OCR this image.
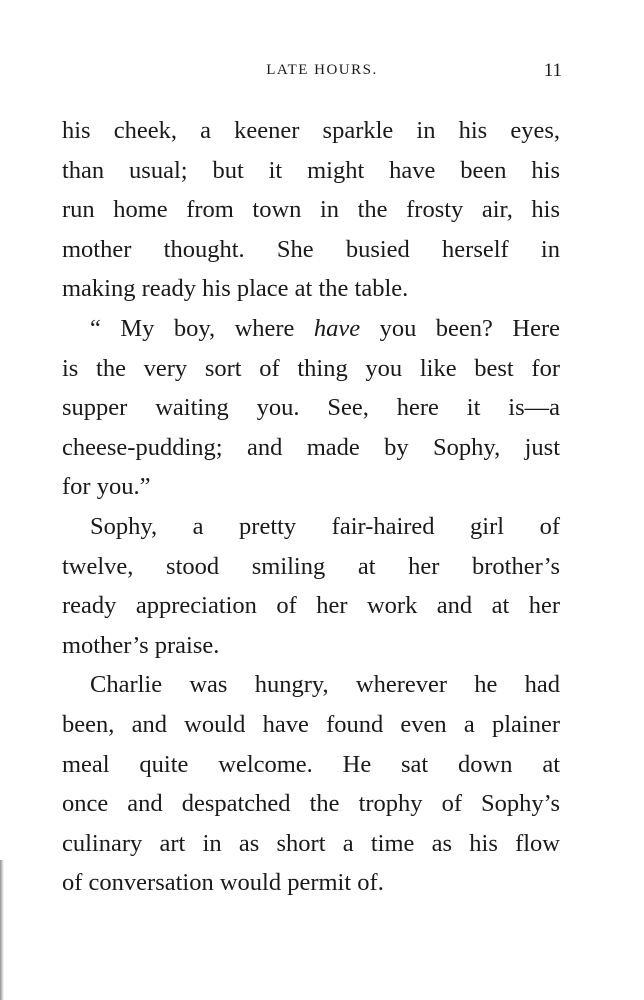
LATE HOURS.	11
his cheek, a keener sparkle in his eyes,
than usual; but it might have been his
run home from town in the frosty air, his
mother thought. She busied herself in
making ready his place at the table.
“ My boy, where have you been? Here
is the very sort of thing you like best for
supper waiting you. See, here it is—a
cheese-pudding; and made by Sophy, just
for you.”
Sophy, a pretty fair-haired girl of
twelve, stood smiling at her brother’s
ready appreciation of her work and at her
mother’s praise.
Charlie was hungry, wherever he had
been, and would have found even a plainer
meal quite welcome. He sat down at
once and despatched the trophy of Sophy’s
culinary art in as short a time as his flow
of conversation would permit of.
